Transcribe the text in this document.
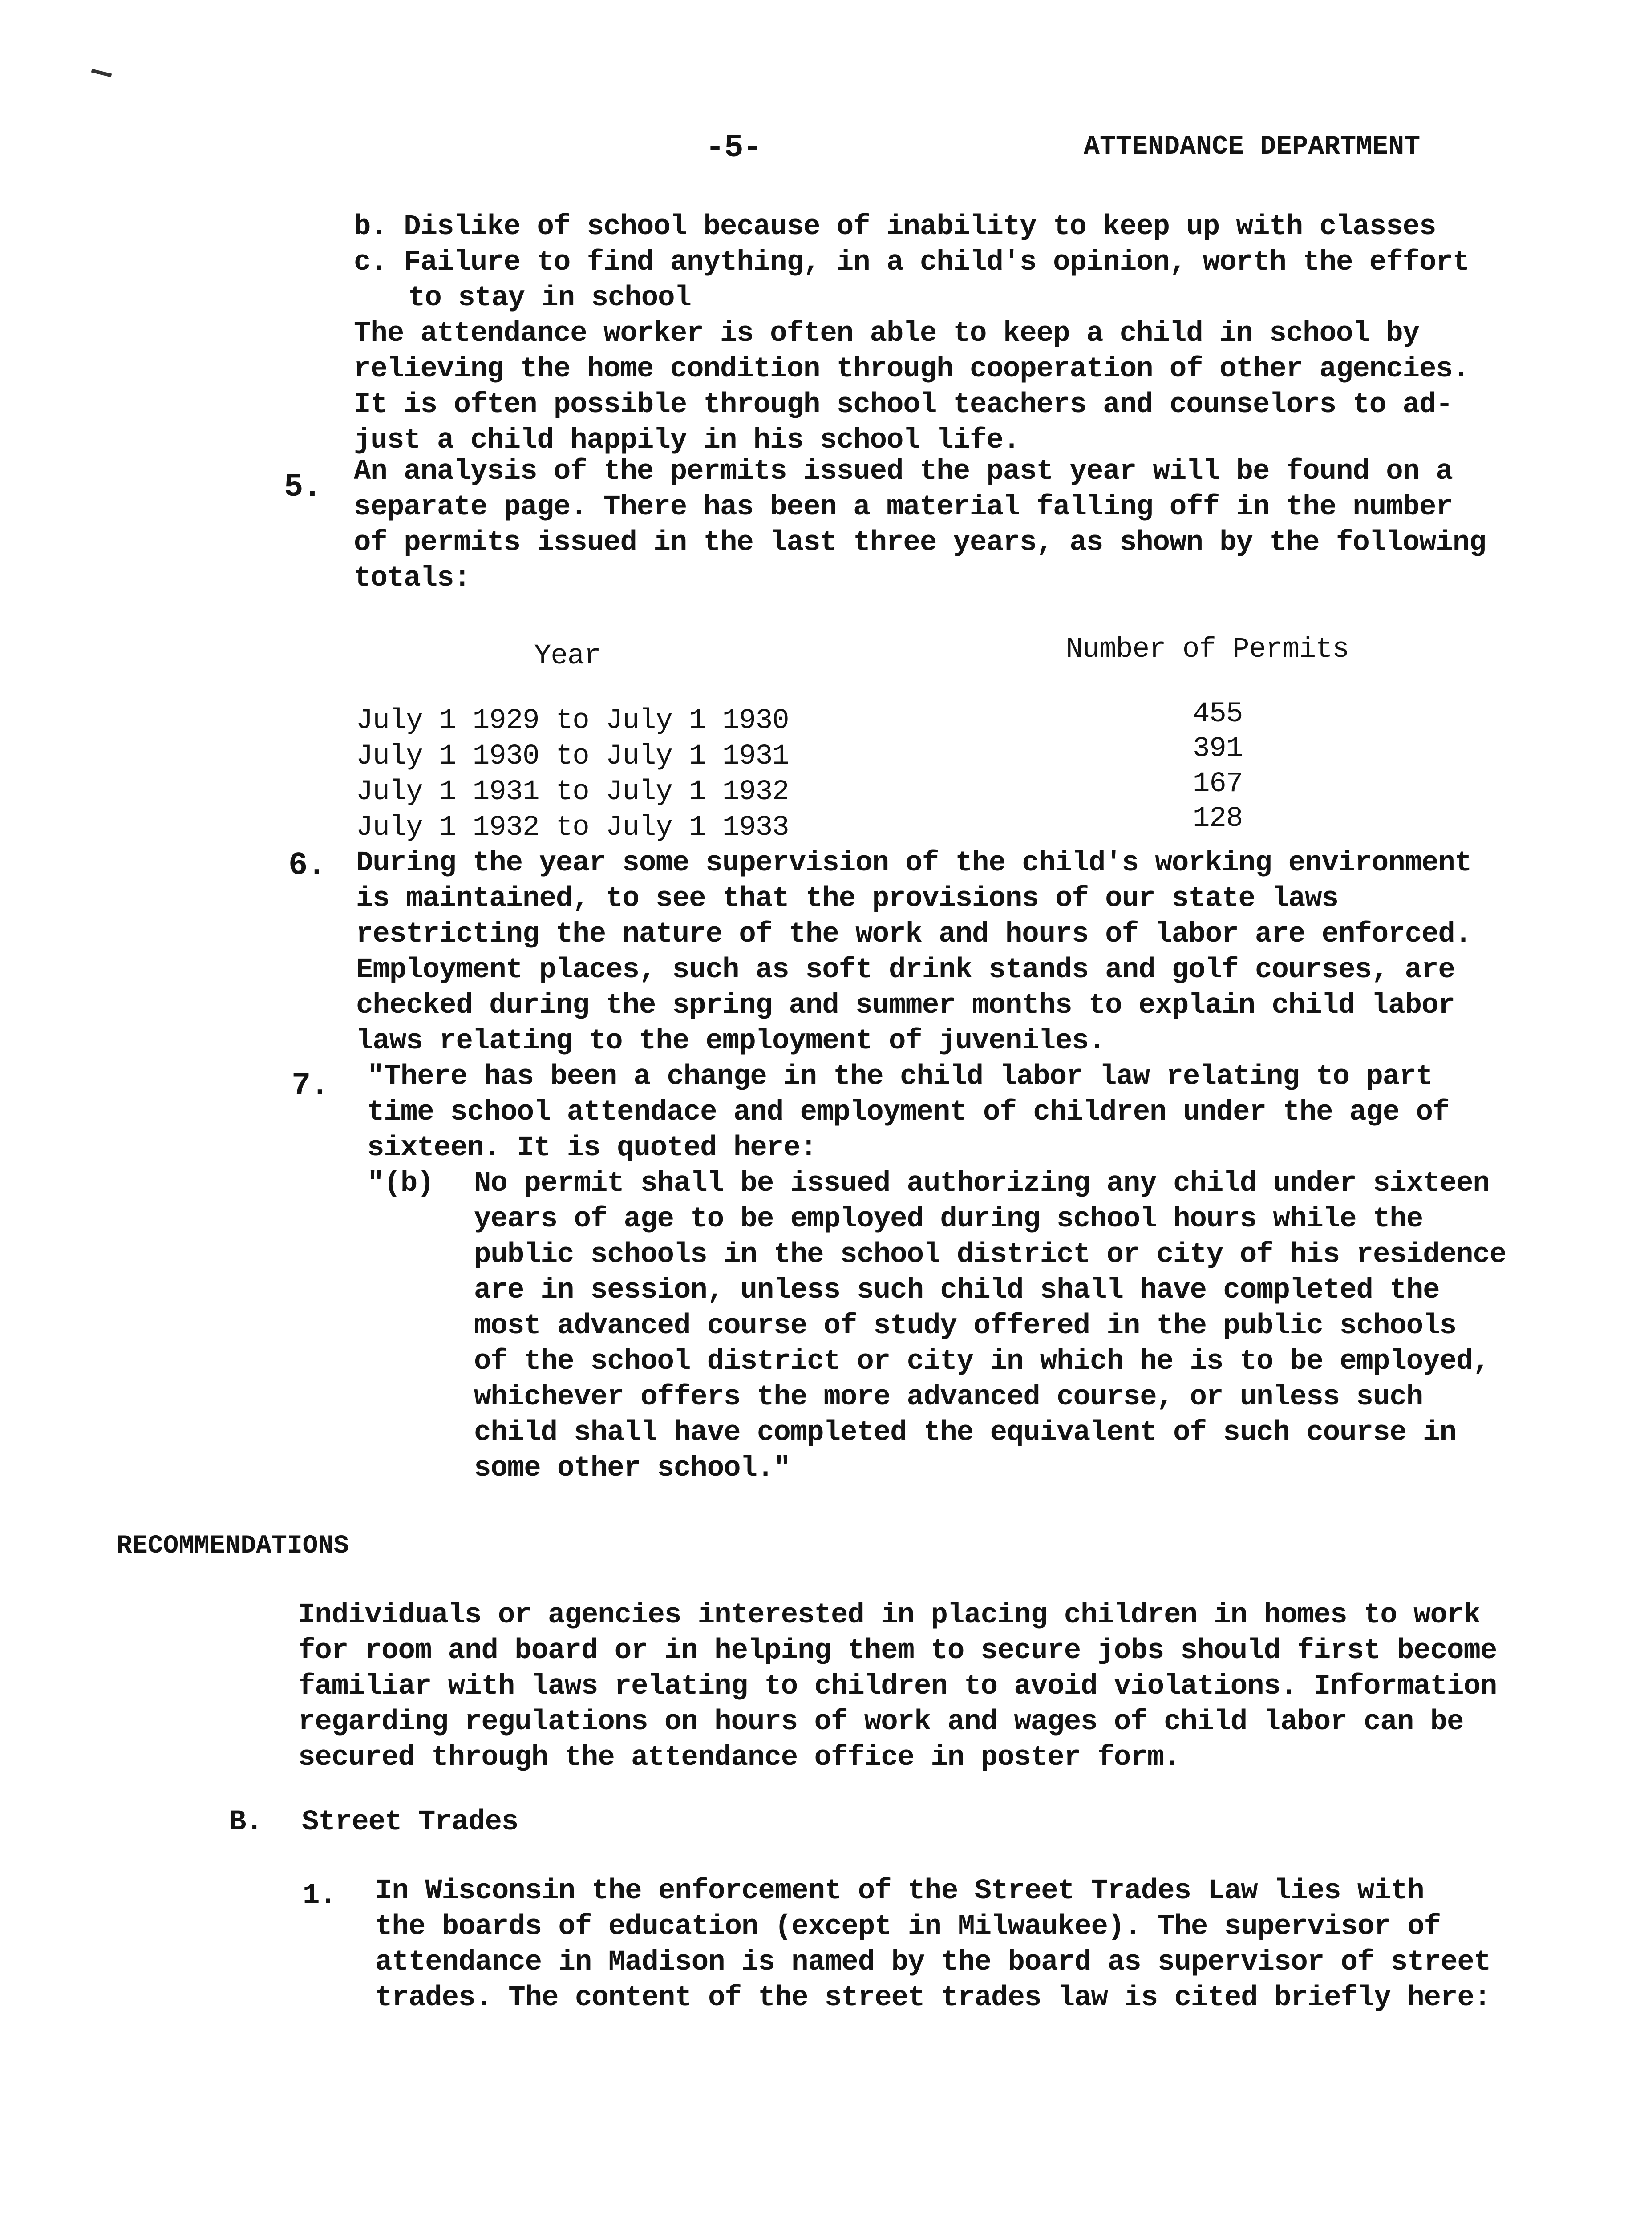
-5-	ATTENDANCE DEPARTMENT
b. Dislike of school because of inability to keep up with classes
c. Failure to find anything, in a child's opinion, worth the effort
to stay in school
The attendance worker is often able to keep a child in school by
relieving the home condition through cooperation of other agencies.
It is often possible through school teachers and counselors to ad-
just a child happily in his school life.
5. An analysis of the permits issued the past year will be found on a
separate page. There has been a material falling off in the number
of permits issued in the last three years, as shown by the following
totals:
Year	Number of Permits
July 1 1929 to July 1 1930	455
July 1 1930 to July 1 1931	391
July 1 1931 to July 1 1932	167
July 1 1932 to July 1 1933	128
6. During the year some supervision of the child's working environment
is maintained, to see that the provisions of our state laws
restricting the nature of the work and hours of labor are enforced.
Employment places, such as soft drink stands and golf courses, are
checked during the spring and summer months to explain child labor
laws relating to the employment of juveniles.
7. "There has been a change in the child labor law relating to part
time school attendace and employment of children under the age of
sixteen. It is quoted here:
"(b) No permit shall be issued authorizing any child under sixteen
years of age to be employed during school hours while the
public schools in the school district or city of his residence
are in session, unless such child shall have completed the
most advanced course of study offered in the public schools
of the school district or city in which he is to be employed,
whichever offers the more advanced course, or unless such
child shall have completed the equivalent of such course in
some other school."
RECOMMENDATIONS
Individuals or agencies interested in placing children in homes to work
for room and board or in helping them to secure jobs should first become
familiar with laws relating to children to avoid violations. Information
regarding regulations on hours of work and wages of child labor can be
secured through the attendance office in poster form.
B. Street Trades
1. In Wisconsin the enforcement of the Street Trades Law lies with
the boards of education (except in Milwaukee). The supervisor of
attendance in Madison is named by the board as supervisor of street
trades. The content of the street trades law is cited briefly here:
